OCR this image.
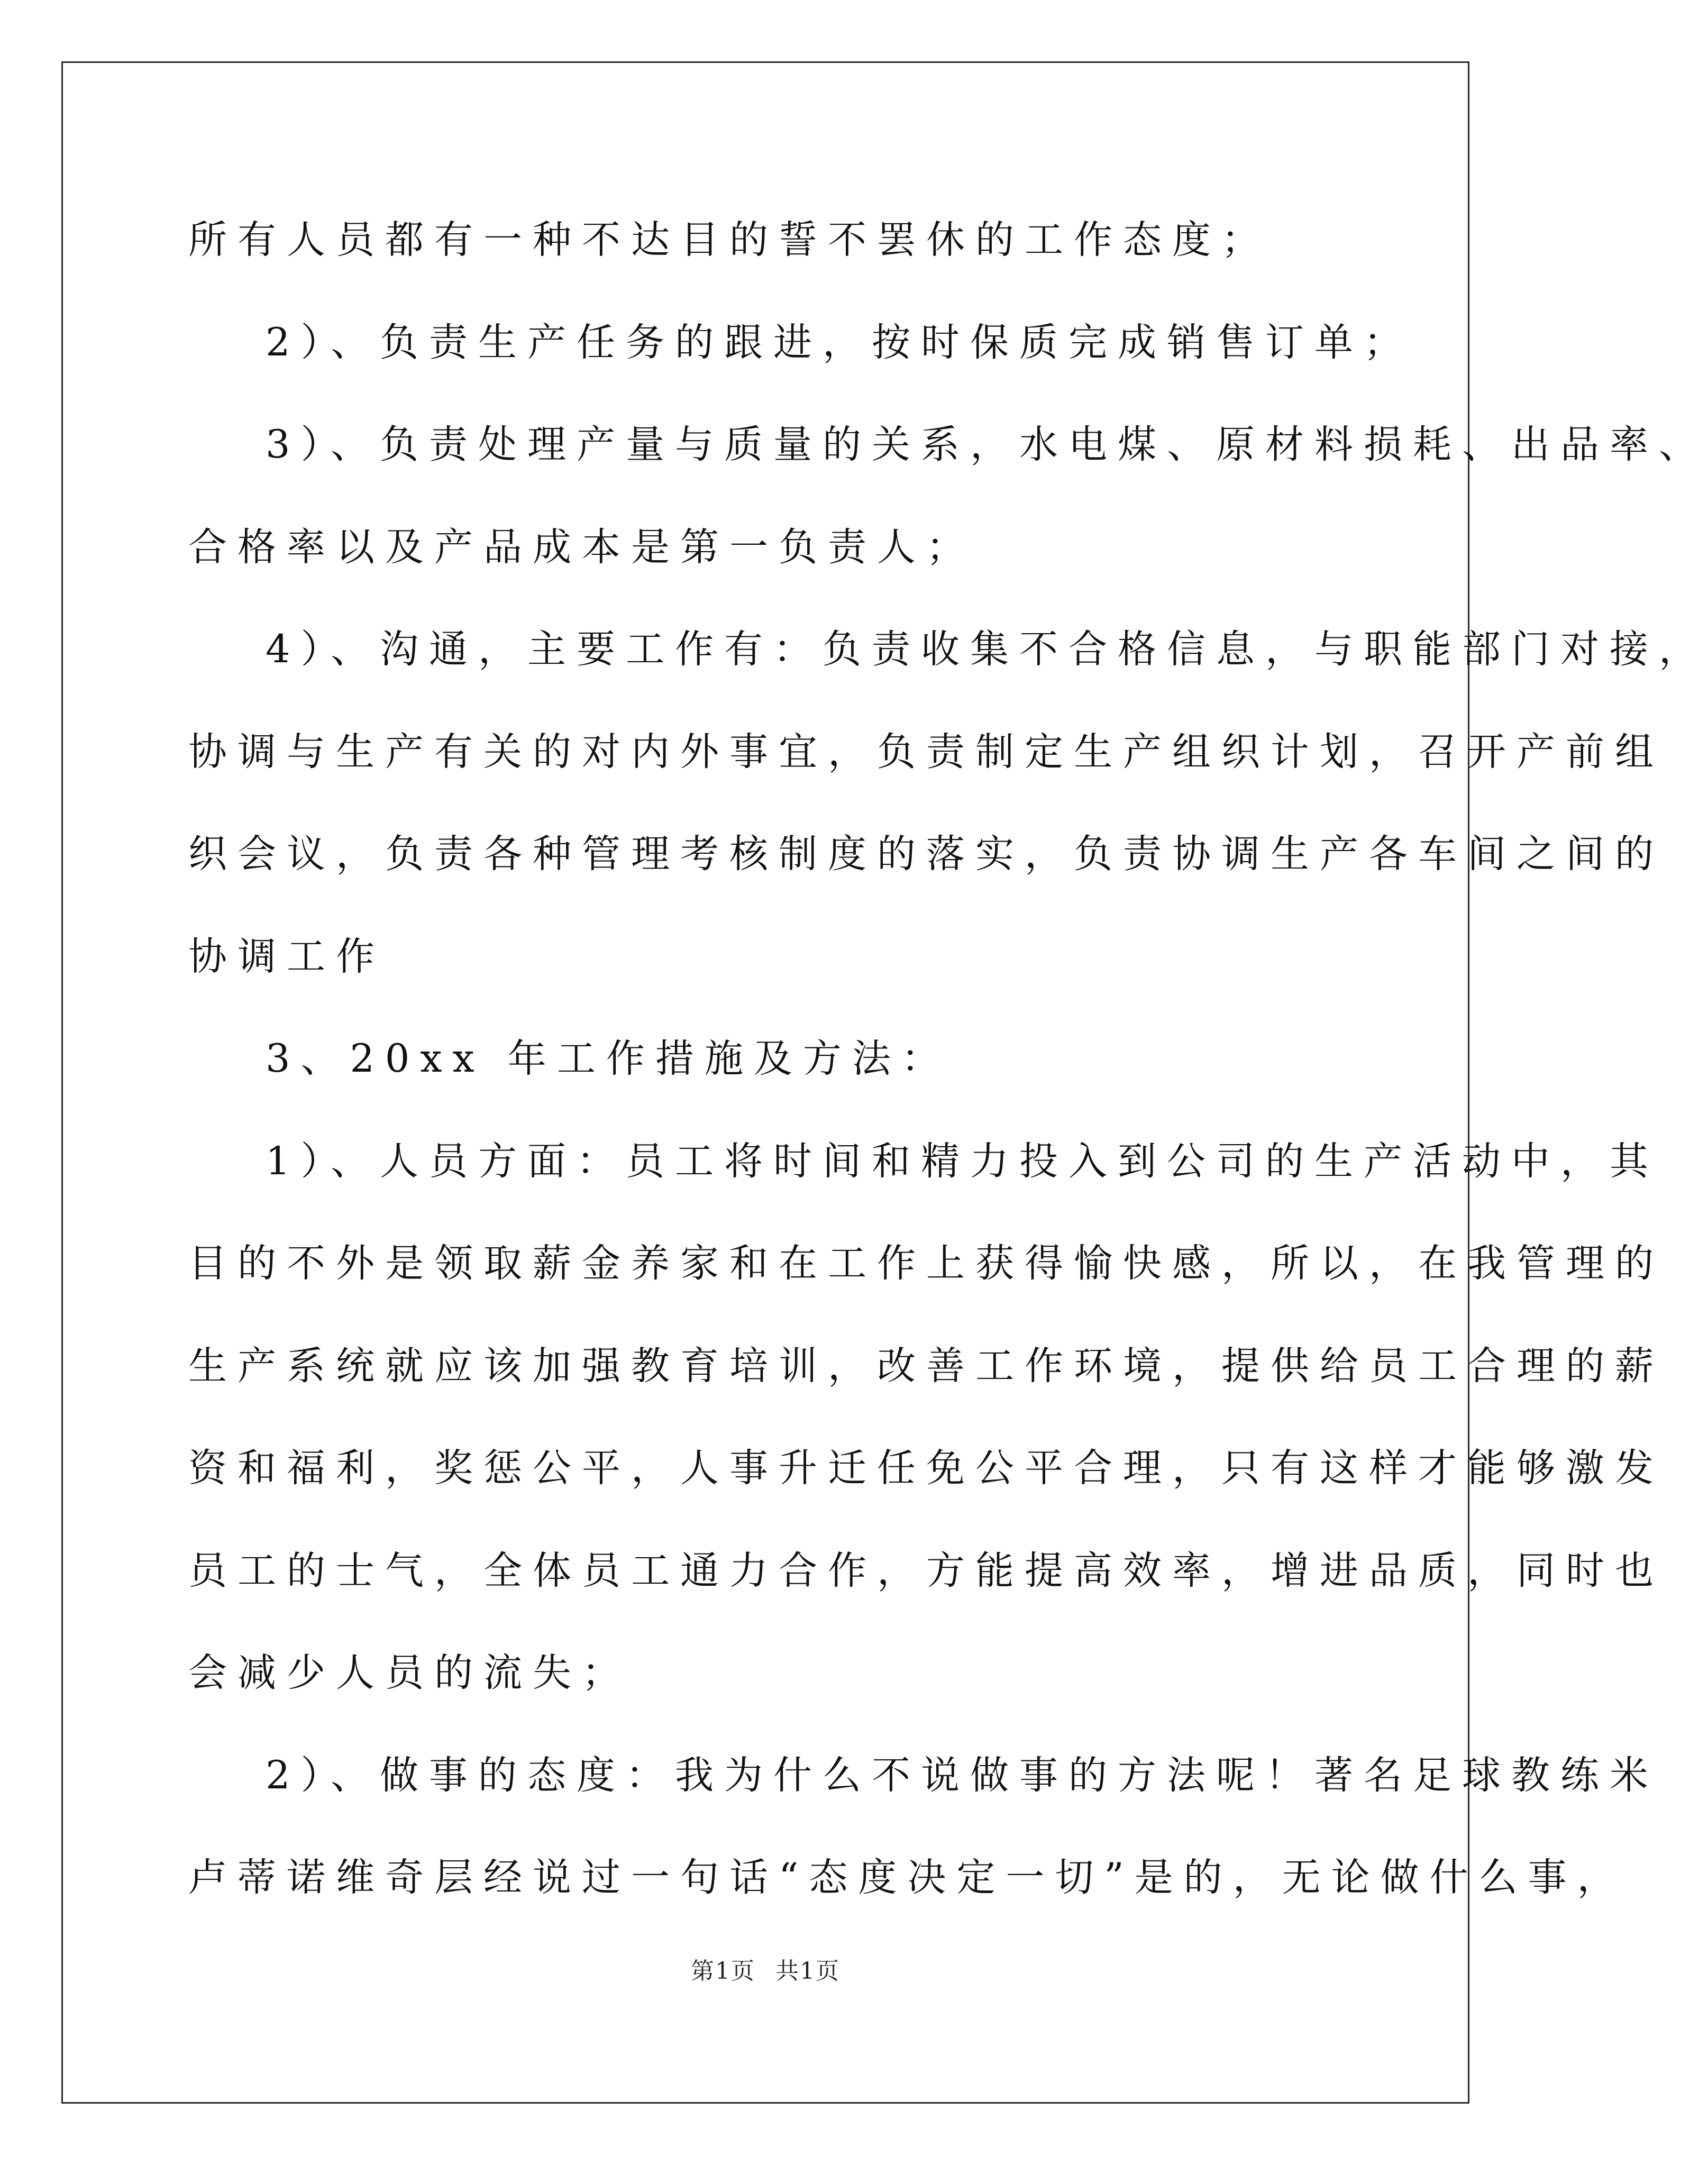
所有人员都有一种不达目的誓不罢休的工作态度；

2）、负责生产任务的跟进，按时保质完成销售订单；

3）、负责处理产量与质量的关系，水电煤、原材料损耗、出品率、

合格率以及产品成本是第一负责人；

4）、沟通，主要工作有：负责收集不合格信息，与职能部门对接，

协调与生产有关的对内外事宜，负责制定生产组织计划，召开产前组
织会议，负责各种管理考核制度的落实，负责协调生产各车间之间的
协调工作

3、20xx 年工作措施及方法：

1）、人员方面：员工将时间和精力投入到公司的生产活动中，其

目的不外是领取薪金养家和在工作上获得愉快感，所以，在我管理的
生产系统就应该加强教育培训，改善工作环境，提供给员工合理的薪
资和福利，奖惩公平，人事升迁任免公平合理，只有这样才能够激发
员工的士气，全体员工通力合作，方能提高效率，增进品质，同时也
会减少人员的流失；

2）、做事的态度：我为什么不说做事的方法呢！著名足球教练米

卢蒂诺维奇层经说过一句话“态度决定一切”是的，无论做什么事，

第1页 共1页
